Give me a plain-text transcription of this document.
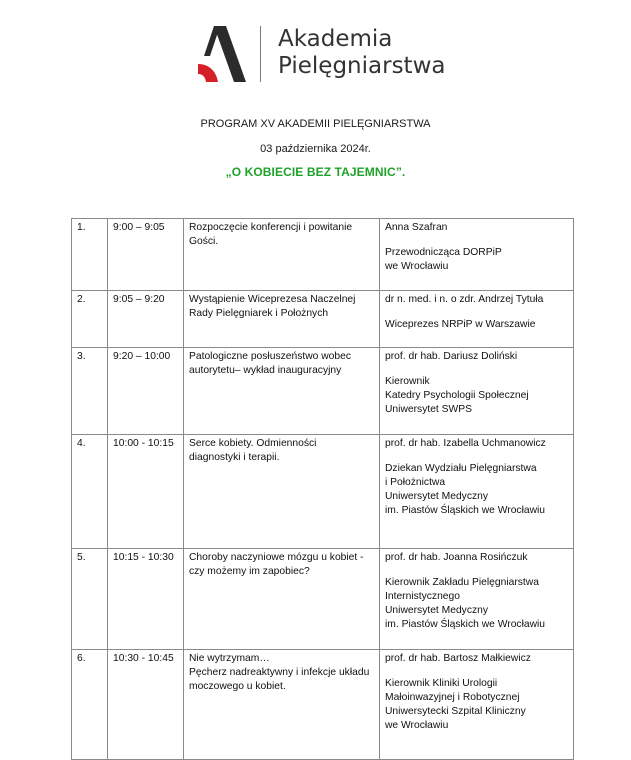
Akademia
Pielęgniarstwa
PROGRAM XV AKADEMII PIELĘGNIARSTWA
03 października 2024r.
„O KOBIECIE BEZ TAJEMNIC”.
1.	9:00 – 9:05	Rozpoczęcie konferencji i powitanie
Gości.	Anna Szafran
Przewodnicząca DORPiP
we Wrocławiu

2.	9:05 – 9:20	Wystąpienie Wiceprezesa Naczelnej
Rady Pielęgniarek i Położnych	dr n. med. i n. o zdr. Andrzej Tytuła
Wiceprezes NRPiP w Warszawie

3.	9:20 – 10:00	Patologiczne posłuszeństwo wobec
autorytetu– wykład inauguracyjny	prof. dr hab. Dariusz Doliński
Kierownik
Katedry Psychologii Społecznej
Uniwersytet SWPS

4.	10:00 - 10:15	Serce kobiety. Odmienności
diagnostyki i terapii.	prof. dr hab. Izabella Uchmanowicz
Dziekan Wydziału Pielęgniarstwa
i Położnictwa
Uniwersytet Medyczny
im. Piastów Śląskich we Wrocławiu

5.	10:15 - 10:30	Choroby naczyniowe mózgu u kobiet -
czy możemy im zapobiec?	prof. dr hab. Joanna Rosińczuk
Kierownik Zakładu Pielęgniarstwa
Internistycznego
Uniwersytet Medyczny
im. Piastów Śląskich we Wrocławiu

6.	10:30 - 10:45	Nie wytrzymam…
Pęcherz nadreaktywny i infekcje układu
moczowego u kobiet.	prof. dr hab. Bartosz Małkiewicz
Kierownik Kliniki Urologii
Małoinwazyjnej i Robotycznej
Uniwersytecki Szpital Kliniczny
we Wrocławiu
